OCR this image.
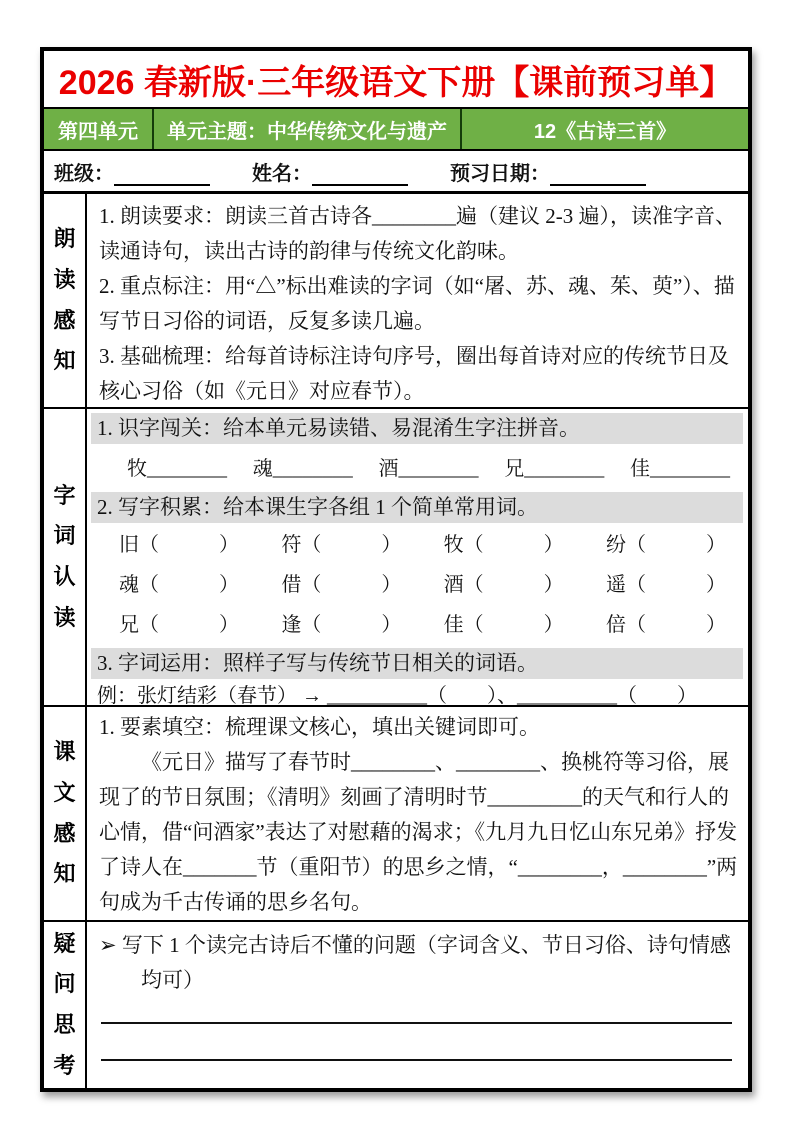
2026 春新版·三年级语文下册【课前预习单】
第四单元 单元主题：中华传统文化与遗产	12《古诗三首》
班级：	姓名：	预习日期：
朗读感知
1. 朗读要求：朗读三首古诗各________遍（建议 2-3 遍），读准字音、读通诗句，读出古诗的韵律与传统文化韵味。
2. 重点标注：用“△”标出难读的字词（如“屠、苏、魂、茱、萸”）、描写节日习俗的词语，反复多读几遍。
3. 基础梳理：给每首诗标注诗句序号，圈出每首诗对应的传统节日及核心习俗（如《元日》对应春节）。
字词认读
1. 识字闯关：给本单元易读错、易混淆生字注拼音。
牧________ 魂________ 酒________ 兄________ 佳________
2. 写字积累：给本课生字各组 1 个简单常用词。
旧（　　　） 符（　　　） 牧（　　　） 纷（　　　）
魂（　　　） 借（　　　） 酒（　　　） 遥（　　　）
兄（　　　） 逢（　　　） 佳（　　　） 倍（　　　）
3. 字词运用：照样子写与传统节日相关的词语。
例：张灯结彩（春节） → __________（　　）、__________（　　）
课文感知
1. 要素填空：梳理课文核心，填出关键词即可。
《元日》描写了春节时________、________、换桃符等习俗，展现了的节日氛围；《清明》刻画了清明时节_________的天气和行人的心情，借“问酒家”表达了对慰藉的渴求；《九月九日忆山东兄弟》抒发了诗人在_______节（重阳节）的思乡之情，“________，________”两句成为千古传诵的思乡名句。
疑问思考
➢ 写下 1 个读完古诗后不懂的问题（字词含义、节日习俗、诗句情感均可）
